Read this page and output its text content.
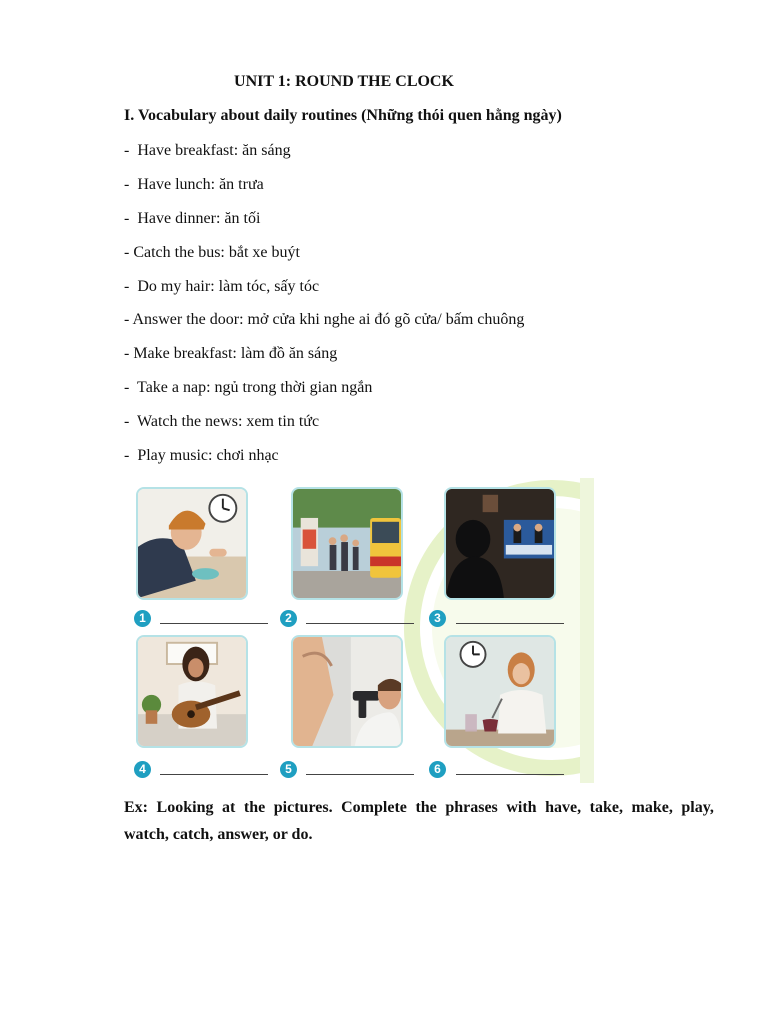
UNIT 1: ROUND THE CLOCK
I. Vocabulary about daily routines (Những thói quen hằng ngày)
-  Have breakfast: ăn sáng
-  Have lunch: ăn trưa
-  Have dinner: ăn tối
- Catch the bus: bắt xe buýt
-  Do my hair: làm tóc, sấy tóc
- Answer the door: mở cửa khi nghe ai đó gõ cửa/ bấm chuông
- Make breakfast: làm đồ ăn sáng
-  Take a nap: ngủ trong thời gian ngắn
-  Watch the news: xem tin tức
-  Play music: chơi nhạc
1	2	3
4	5	6
Ex: Looking at the pictures. Complete the phrases with have, take, make, play,
watch, catch, answer, or do.
